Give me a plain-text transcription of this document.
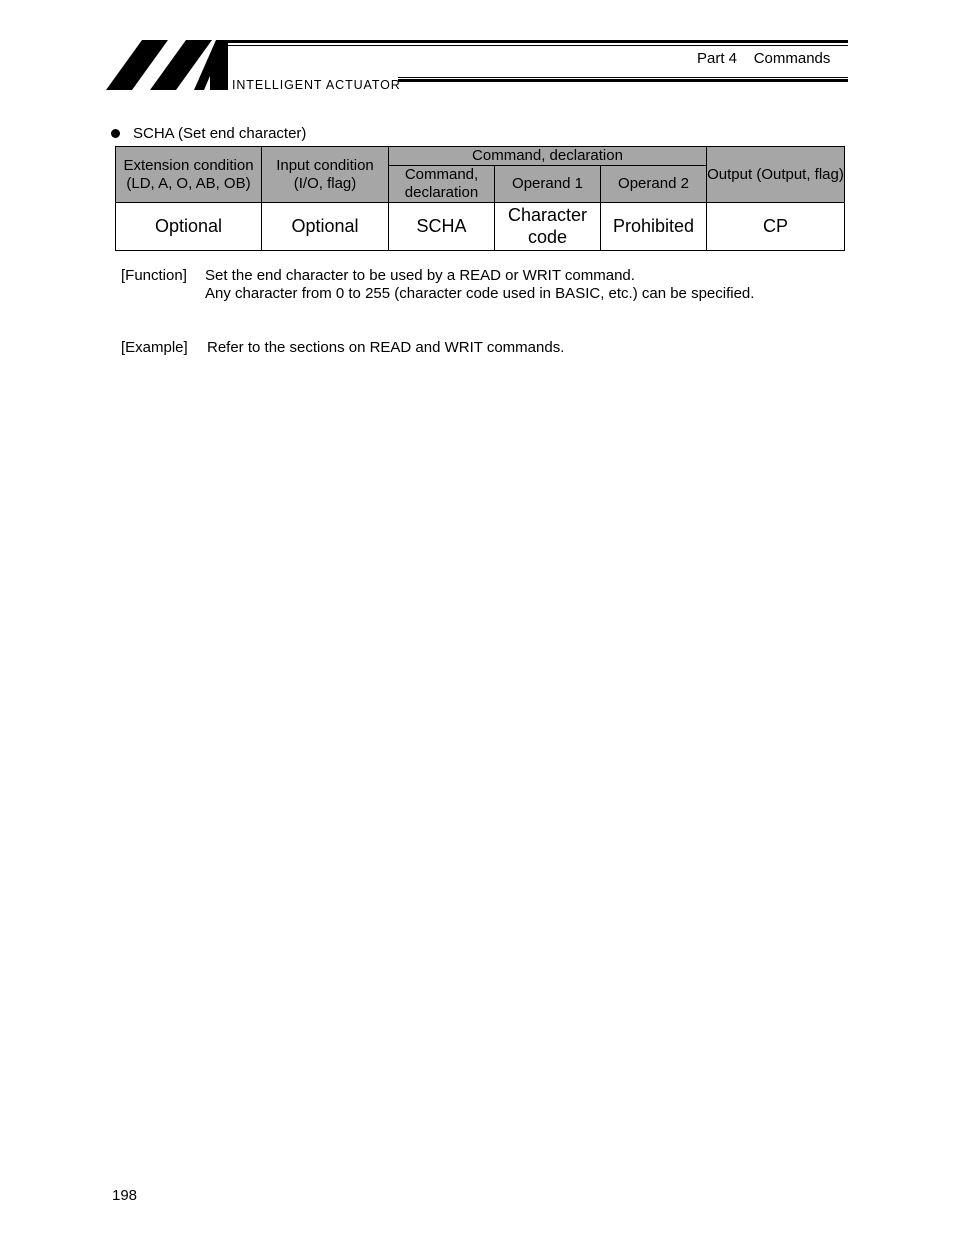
INTELLIGENT ACTUATOR
Part 4    Commands
SCHA (Set end character)
Extension condition (LD, A, O, AB, OB)	Input condition (I/O, flag)	Command, declaration			Output (Output, flag)
		Command, declaration	Operand 1	Operand 2	
Optional	Optional	SCHA	Character code	Prohibited	CP
[Function] Set the end character to be used by a READ or WRIT command.
Any character from 0 to 255 (character code used in BASIC, etc.) can be specified.
[Example] Refer to the sections on READ and WRIT commands.
198
